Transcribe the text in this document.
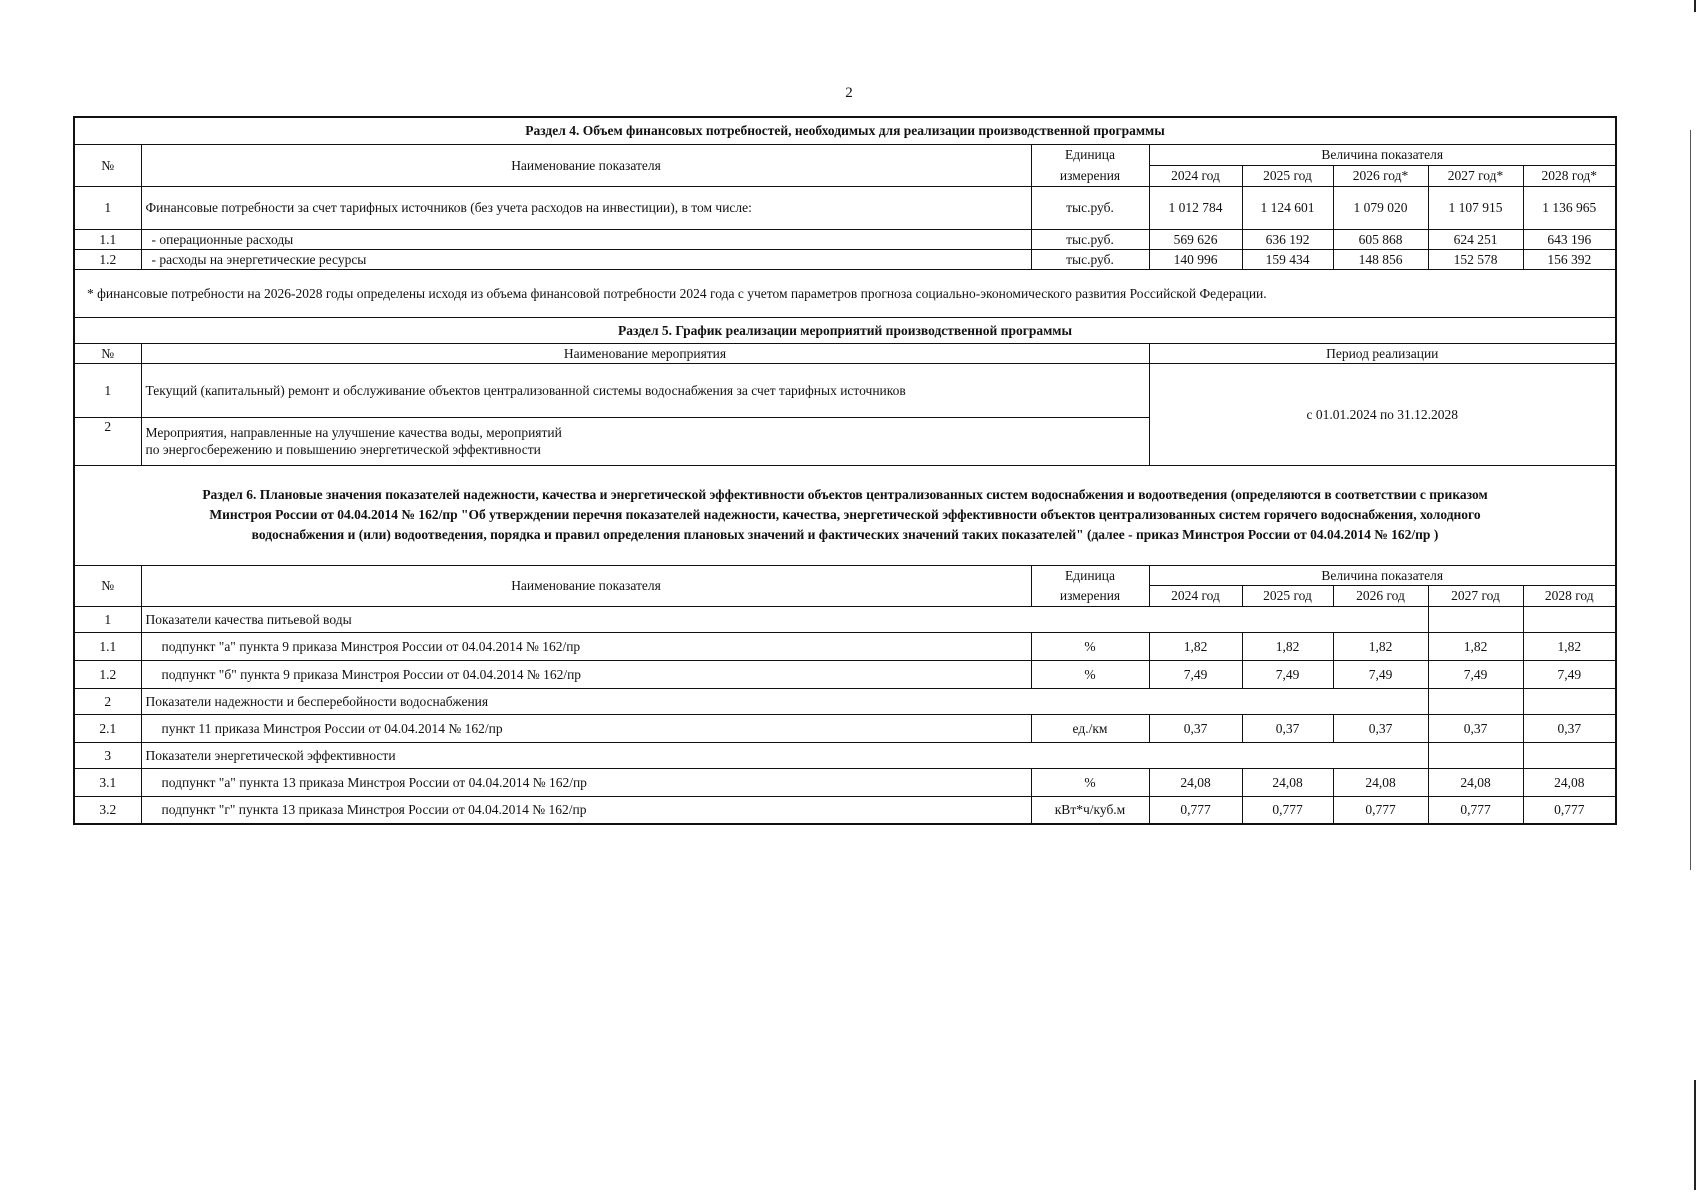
2
Раздел 4. Объем финансовых потребностей, необходимых для реализации производственной программы							
№	Наименование показателя	Единица	Величина показателя				
		измерения	2024 год	2025 год	2026 год*	2027 год*	2028 год*
1	Финансовые потребности за счет тарифных источников (без учета расходов на инвестиции), в том числе:	тыс.руб.	1 012 784	1 124 601	1 079 020	1 107 915	1 136 965
1.1	- операционные расходы	тыс.руб.	569 626	636 192	605 868	624 251	643 196
1.2	- расходы на энергетические ресурсы	тыс.руб.	140 996	159 434	148 856	152 578	156 392
* финансовые потребности на 2026-2028 годы определены исходя из объема финансовой потребности 2024 года с учетом параметров прогноза социально-экономического развития Российской Федерации.							
Раздел 5. График реализации мероприятий производственной программы							
№	Наименование мероприятия		Период реализации				
1	Текущий (капитальный) ремонт и обслуживание объектов централизованной системы водоснабжения за счет тарифных источников		с 01.01.2024 по 31.12.2028				
2	Мероприятия, направленные на улучшение качества воды, мероприятий
по энергосбережению и повышению энергетической эффективности						

Раздел 6. Плановые значения показателей надежности, качества и энергетической эффективности объектов централизованных систем водоснабжения и водоотведения (определяются в соответствии с приказом
Минстроя России от 04.04.2014 № 162/пр "Об утверждении перечня показателей надежности, качества, энергетической эффективности объектов централизованных систем горячего водоснабжения, холодного
водоснабжения и (или) водоотведения, порядка и правил определения плановых значений и фактических значений таких показателей" (далее - приказ Минстроя России от 04.04.2014 № 162/пр )							

№	Наименование показателя	Единица	Величина показателя				
		измерения	2024 год	2025 год	2026 год	2027 год	2028 год
1	Показатели качества питьевой воды						
1.1	подпункт "а" пункта 9 приказа Минстроя России от 04.04.2014 № 162/пр	%	1,82	1,82	1,82	1,82	1,82
1.2	подпункт "б" пункта 9 приказа Минстроя России от 04.04.2014 № 162/пр	%	7,49	7,49	7,49	7,49	7,49
2	Показатели надежности и бесперебойности водоснабжения						
2.1	пункт 11 приказа Минстроя России от 04.04.2014 № 162/пр	ед./км	0,37	0,37	0,37	0,37	0,37
3	Показатели энергетической эффективности						
3.1	подпункт "а" пункта 13 приказа Минстроя России от 04.04.2014 № 162/пр	%	24,08	24,08	24,08	24,08	24,08
3.2	подпункт "г" пункта 13 приказа Минстроя России от 04.04.2014 № 162/пр	кВт*ч/куб.м	0,777	0,777	0,777	0,777	0,777
